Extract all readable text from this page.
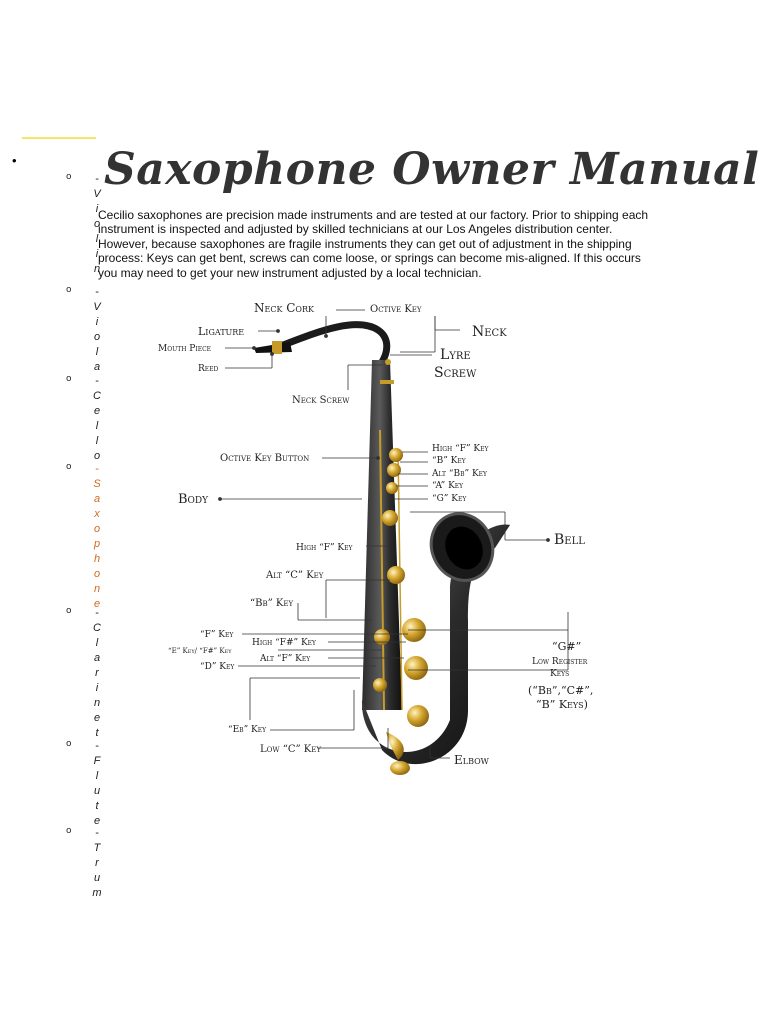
•
o -
V
i
o
l
i
n
o -
V
i
o
l
a
o -
C
e
l
l
o
o -
S
a
x
o
p
h
o
n
e
o -
C
l
a
r
i
n
e
t
o -
F
l
u
t
e
o -
T
r
u
m
Saxophone Owner Manual

Cecilio saxophones are precision made instruments and are tested at our factory. Prior to shipping each instrument is inspected and adjusted by skilled technicians at our Los Angeles distribution center. However, because saxophones are fragile instruments they can get out of adjustment in the shipping process: Keys can get bent, screws can come loose, or springs can become mis-aligned. If this occurs you may need to get your new instrument adjusted by a local technician.

Neck Cork	Octive Key
Neck
Ligature
Mouth Piece	Lyre
Screw
Reed
Neck Screw
Octive Key Button
High “F” Key
“B” Key
Alt “Bb” Key
“A” Key
“G” Key
Body
Bell
High “F” Key
Alt “C” Key
“Bb” Key
“F” Key
High “F#” Key
“E” Key/ “F#” Key
Alt “F” Key
“D” Key
“G#”
Low Register
Keys
(“Bb”,“C#”,
“B” Keys)
“Eb” Key
Low “C” Key
Elbow
